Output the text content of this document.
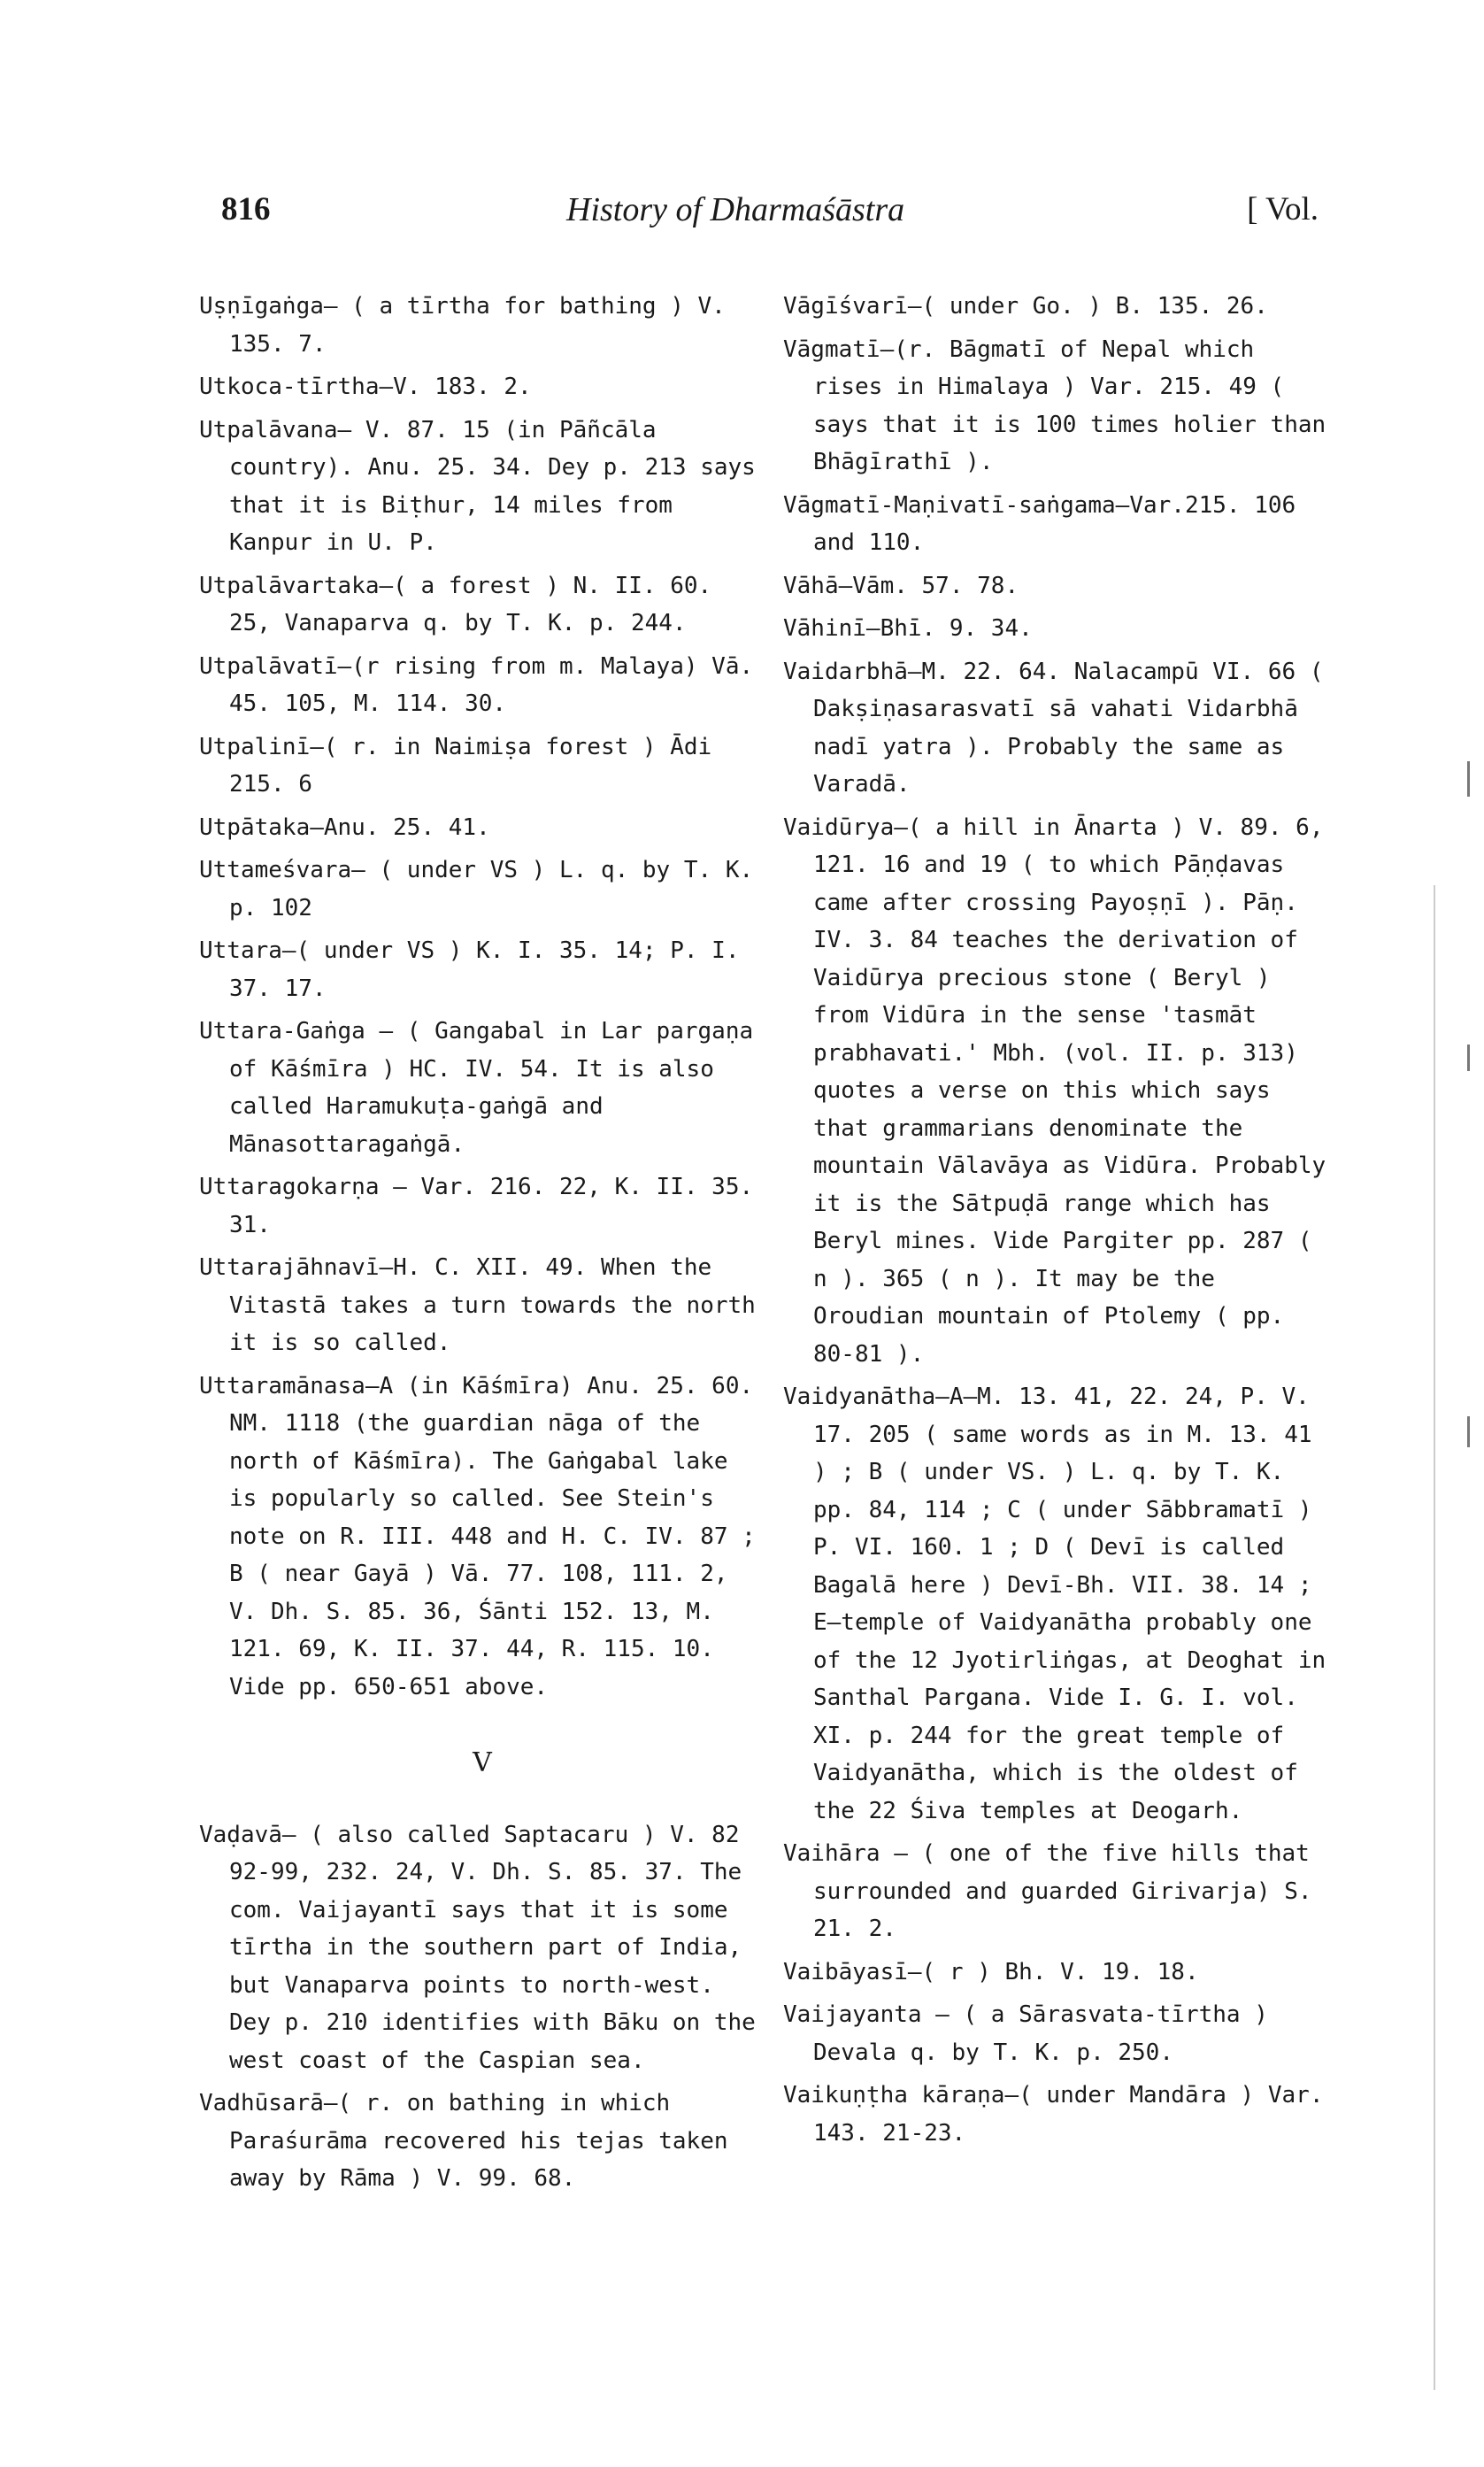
816	History of Dharmaśāstra	[ Vol.
Uṣṇīgaṅga— ( a tīrtha for bathing ) V. 135. 7.
Utkoca-tīrtha—V. 183. 2.
Utpalāvana— V. 87. 15 (in Pāñcāla country). Anu. 25. 34. Dey p. 213 says that it is Biṭhur, 14 miles from Kanpur in U. P.
Utpalāvartaka—( a forest ) N. II. 60. 25, Vanaparva q. by T. K. p. 244.
Utpalāvatī—(r rising from m. Malaya) Vā. 45. 105, M. 114. 30.
Utpalinī—( r. in Naimiṣa forest ) Ādi 215. 6
Utpātaka—Anu. 25. 41.
Uttameśvara— ( under VS ) L. q. by T. K. p. 102
Uttara—( under VS ) K. I. 35. 14; P. I. 37. 17.
Uttara-Gaṅga — ( Gangabal in Lar pargaṇa of Kāśmīra ) HC. IV. 54. It is also called Haramukuṭa-gaṅgā and Mānasottaragaṅgā.
Uttaragokarṇa — Var. 216. 22, K. II. 35. 31.
Uttarajāhnavī—H. C. XII. 49. When the Vitastā takes a turn towards the north it is so called.
Uttaramānasa—A (in Kāśmīra) Anu. 25. 60. NM. 1118 (the guardian nāga of the north of Kāśmīra). The Gaṅgabal lake is popularly so called. See Stein's note on R. III. 448 and H. C. IV. 87 ; B ( near Gayā ) Vā. 77. 108, 111. 2, V. Dh. S. 85. 36, Śānti 152. 13, M. 121. 69, K. II. 37. 44, R. 115. 10. Vide pp. 650-651 above.
V
Vaḍavā— ( also called Saptacaru ) V. 82 92-99, 232. 24, V. Dh. S. 85. 37. The com. Vaijayantī says that it is some tīrtha in the southern part of India, but Vanaparva points to north-west. Dey p. 210 identifies with Bāku on the west coast of the Caspian sea.
Vadhūsarā—( r. on bathing in which Paraśurāma recovered his tejas taken away by Rāma ) V. 99. 68.
Vāgīśvarī—( under Go. ) B. 135. 26.
Vāgmatī—(r. Bāgmatī of Nepal which rises in Himalaya ) Var. 215. 49 ( says that it is 100 times holier than Bhāgīrathī ).
Vāgmatī-Maṇivatī-saṅgama—Var.215. 106 and 110.
Vāhā—Vām. 57. 78.
Vāhinī—Bhī. 9. 34.
Vaidarbhā—M. 22. 64. Nalacampū VI. 66 ( Dakṣiṇasarasvatī sā vahati Vidarbhā nadī yatra ). Probably the same as Varadā.
Vaidūrya—( a hill in Ānarta ) V. 89. 6, 121. 16 and 19 ( to which Pāṇḍavas came after crossing Payoṣṇī ). Pāṇ. IV. 3. 84 teaches the derivation of Vaidūrya precious stone ( Beryl ) from Vidūra in the sense 'tasmāt prabhavati.' Mbh. (vol. II. p. 313) quotes a verse on this which says that grammarians denominate the mountain Vālavāya as Vidūra. Probably it is the Sātpuḍā range which has Beryl mines. Vide Pargiter pp. 287 ( n ). 365 ( n ). It may be the Oroudian mountain of Ptolemy ( pp. 80-81 ).
Vaidyanātha—A—M. 13. 41, 22. 24, P. V. 17. 205 ( same words as in M. 13. 41 ) ; B ( under VS. ) L. q. by T. K. pp. 84, 114 ; C ( under Sābbramatī ) P. VI. 160. 1 ; D ( Devī is called Bagalā here ) Devī-Bh. VII. 38. 14 ; E—temple of Vaidyanātha probably one of the 12 Jyotirliṅgas, at Deoghat in Santhal Pargana. Vide I. G. I. vol. XI. p. 244 for the great temple of Vaidyanātha, which is the oldest of the 22 Śiva temples at Deogarh.
Vaihāra — ( one of the five hills that surrounded and guarded Girivarja) S. 21. 2.
Vaibāyasī—( r ) Bh. V. 19. 18.
Vaijayanta — ( a Sārasvata-tīrtha ) Devala q. by T. K. p. 250.
Vaikuṇṭha kāraṇa—( under Mandāra ) Var. 143. 21-23.
